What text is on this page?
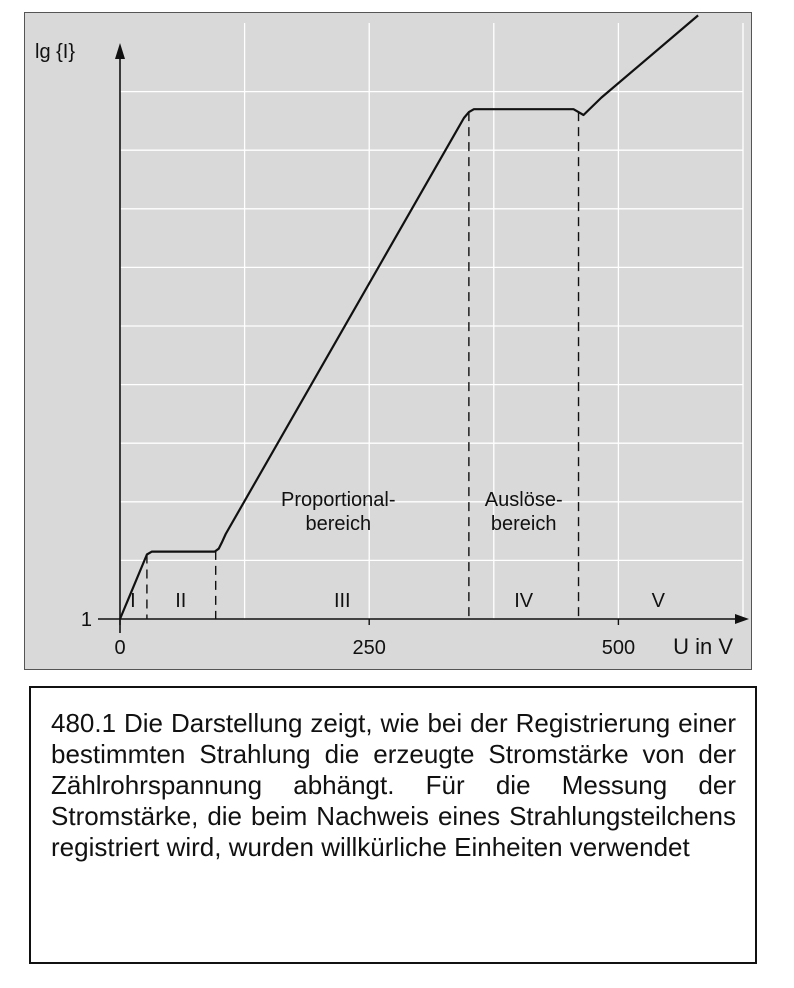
0	250	500
1
U in V
lg {I}
I II	III	IV	V
Proportional-
bereich
Auslöse-
bereich

480.1 Die Darstellung zeigt, wie bei der Registrierung einer bestimmten Strahlung die erzeugte Stromstärke von der Zählrohrspannung abhängt. Für die Messung der Stromstärke, die beim Nachweis eines Strahlungsteilchens registriert wird, wurden willkürliche Einheiten verwendet
